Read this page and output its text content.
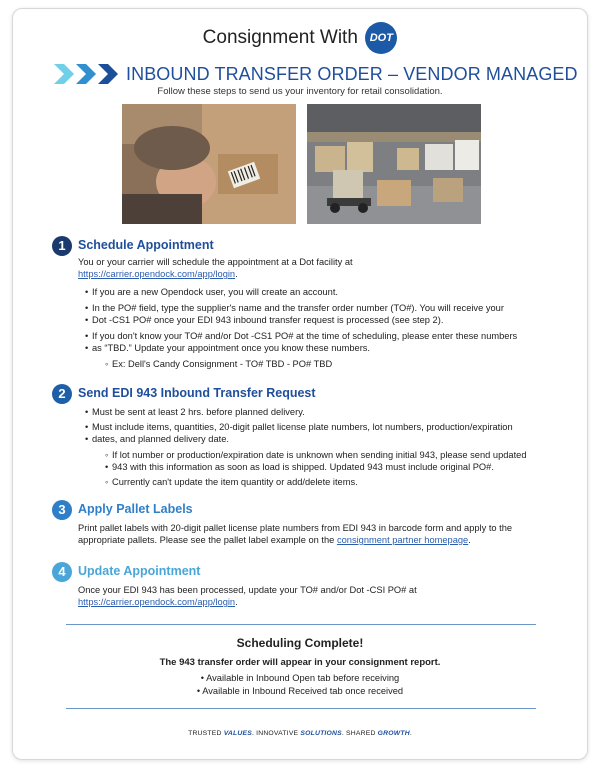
Consignment With DOT
INBOUND TRANSFER ORDER – VENDOR MANAGED
Follow these steps to send us your inventory for retail consolidation.
1 Schedule Appointment
You or your carrier will schedule the appointment at a Dot facility at
https://carrier.opendock.com/app/login.
• If you are a new Opendock user, you will create an account.
• In the PO# field, type the supplier's name and the transfer order number (TO#). You will receive your
• Dot -CS1 PO# once your EDI 943 inbound transfer request is processed (see step 2).
• If you don't know your TO# and/or Dot -CS1 PO# at the time of scheduling, please enter these numbers
• as “TBD.” Update your appointment once you know these numbers.
◦ Ex: Dell's Candy Consignment - TO# TBD - PO# TBD
2 Send EDI 943 Inbound Transfer Request
• Must be sent at least 2 hrs. before planned delivery.
• Must include items, quantities, 20-digit pallet license plate numbers, lot numbers, production/expiration
• dates, and planned delivery date.
◦ If lot number or production/expiration date is unknown when sending initial 943, please send updated
• 943 with this information as soon as load is shipped. Updated 943 must include original PO#.
◦ Currently can't update the item quantity or add/delete items.
3 Apply Pallet Labels
Print pallet labels with 20-digit pallet license plate numbers from EDI 943 in barcode form and apply to the
appropriate pallets. Please see the pallet label example on the consignment partner homepage.
4 Update Appointment
Once your EDI 943 has been processed, update your TO# and/or Dot -CSI PO# at
https://carrier.opendock.com/app/login.
Scheduling Complete!
The 943 transfer order will appear in your consignment report.
• Available in Inbound Open tab before receiving
• Available in Inbound Received tab once received
TRUSTED VALUES. INNOVATIVE SOLUTIONS. SHARED GROWTH.
